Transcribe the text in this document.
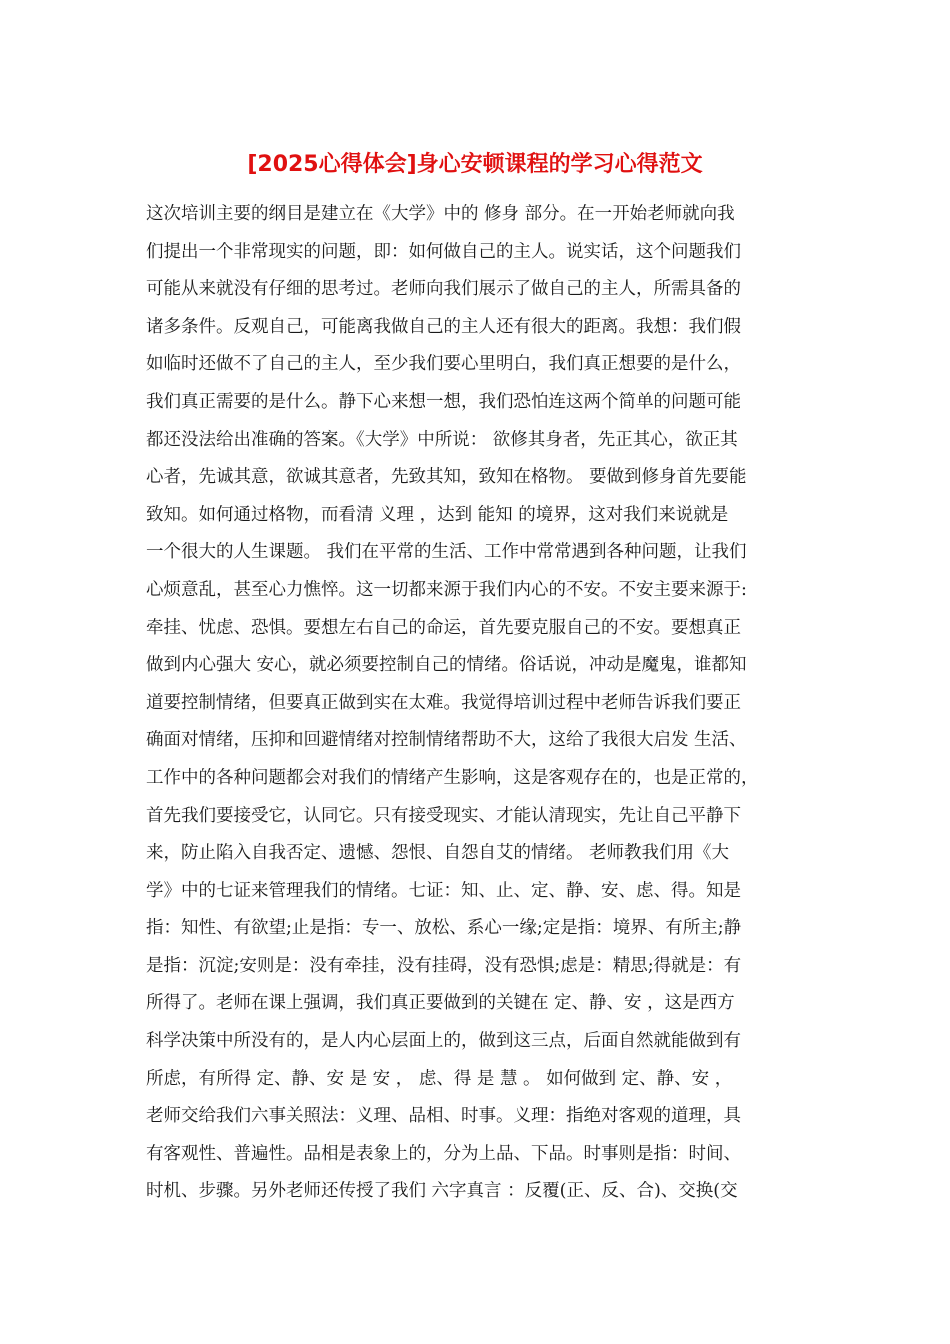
[2025心得体会]身心安顿课程的学习心得范文
这次培训主要的纲目是建立在《大学》中的 修身 部分。在一开始老师就向我
们提出一个非常现实的问题，即：如何做自己的主人。说实话，这个问题我们
可能从来就没有仔细的思考过。老师向我们展示了做自己的主人，所需具备的
诸多条件。反观自己，可能离我做自己的主人还有很大的距离。我想：我们假
如临时还做不了自己的主人，至少我们要心里明白，我们真正想要的是什么，
我们真正需要的是什么。静下心来想一想，我们恐怕连这两个简单的问题可能
都还没法给出准确的答案。《大学》中所说： 欲修其身者，先正其心，欲正其
心者，先诚其意，欲诚其意者，先致其知，致知在格物。 要做到修身首先要能
致知。如何通过格物，而看清 义理 ，达到 能知 的境界，这对我们来说就是
一个很大的人生课题。 我们在平常的生活、工作中常常遇到各种问题，让我们
心烦意乱，甚至心力憔悴。这一切都来源于我们内心的不安。不安主要来源于:
牵挂、忧虑、恐惧。要想左右自己的命运，首先要克服自己的不安。要想真正
做到内心强大 安心，就必须要控制自己的情绪。俗话说，冲动是魔鬼，谁都知
道要控制情绪，但要真正做到实在太难。我觉得培训过程中老师告诉我们要正
确面对情绪，压抑和回避情绪对控制情绪帮助不大，这给了我很大启发 生活、
工作中的各种问题都会对我们的情绪产生影响，这是客观存在的，也是正常的，
首先我们要接受它，认同它。只有接受现实、才能认清现实，先让自己平静下
来，防止陷入自我否定、遗憾、怨恨、自怨自艾的情绪。 老师教我们用《大
学》中的七证来管理我们的情绪。七证：知、止、定、静、安、虑、得。知是
指：知性、有欲望;止是指：专一、放松、系心一缘;定是指：境界、有所主;静
是指：沉淀;安则是：没有牵挂，没有挂碍，没有恐惧;虑是：精思;得就是：有
所得了。老师在课上强调，我们真正要做到的关键在 定、静、安 ，这是西方
科学决策中所没有的，是人内心层面上的，做到这三点，后面自然就能做到有
所虑，有所得 定、静、安 是 安 ， 虑、得 是 慧 。 如何做到 定、静、安 ，
老师交给我们六事关照法：义理、品相、时事。义理：指绝对客观的道理，具
有客观性、普遍性。品相是表象上的，分为上品、下品。时事则是指：时间、
时机、步骤。另外老师还传授了我们 六字真言 ：反覆(正、反、合)、交换(交
